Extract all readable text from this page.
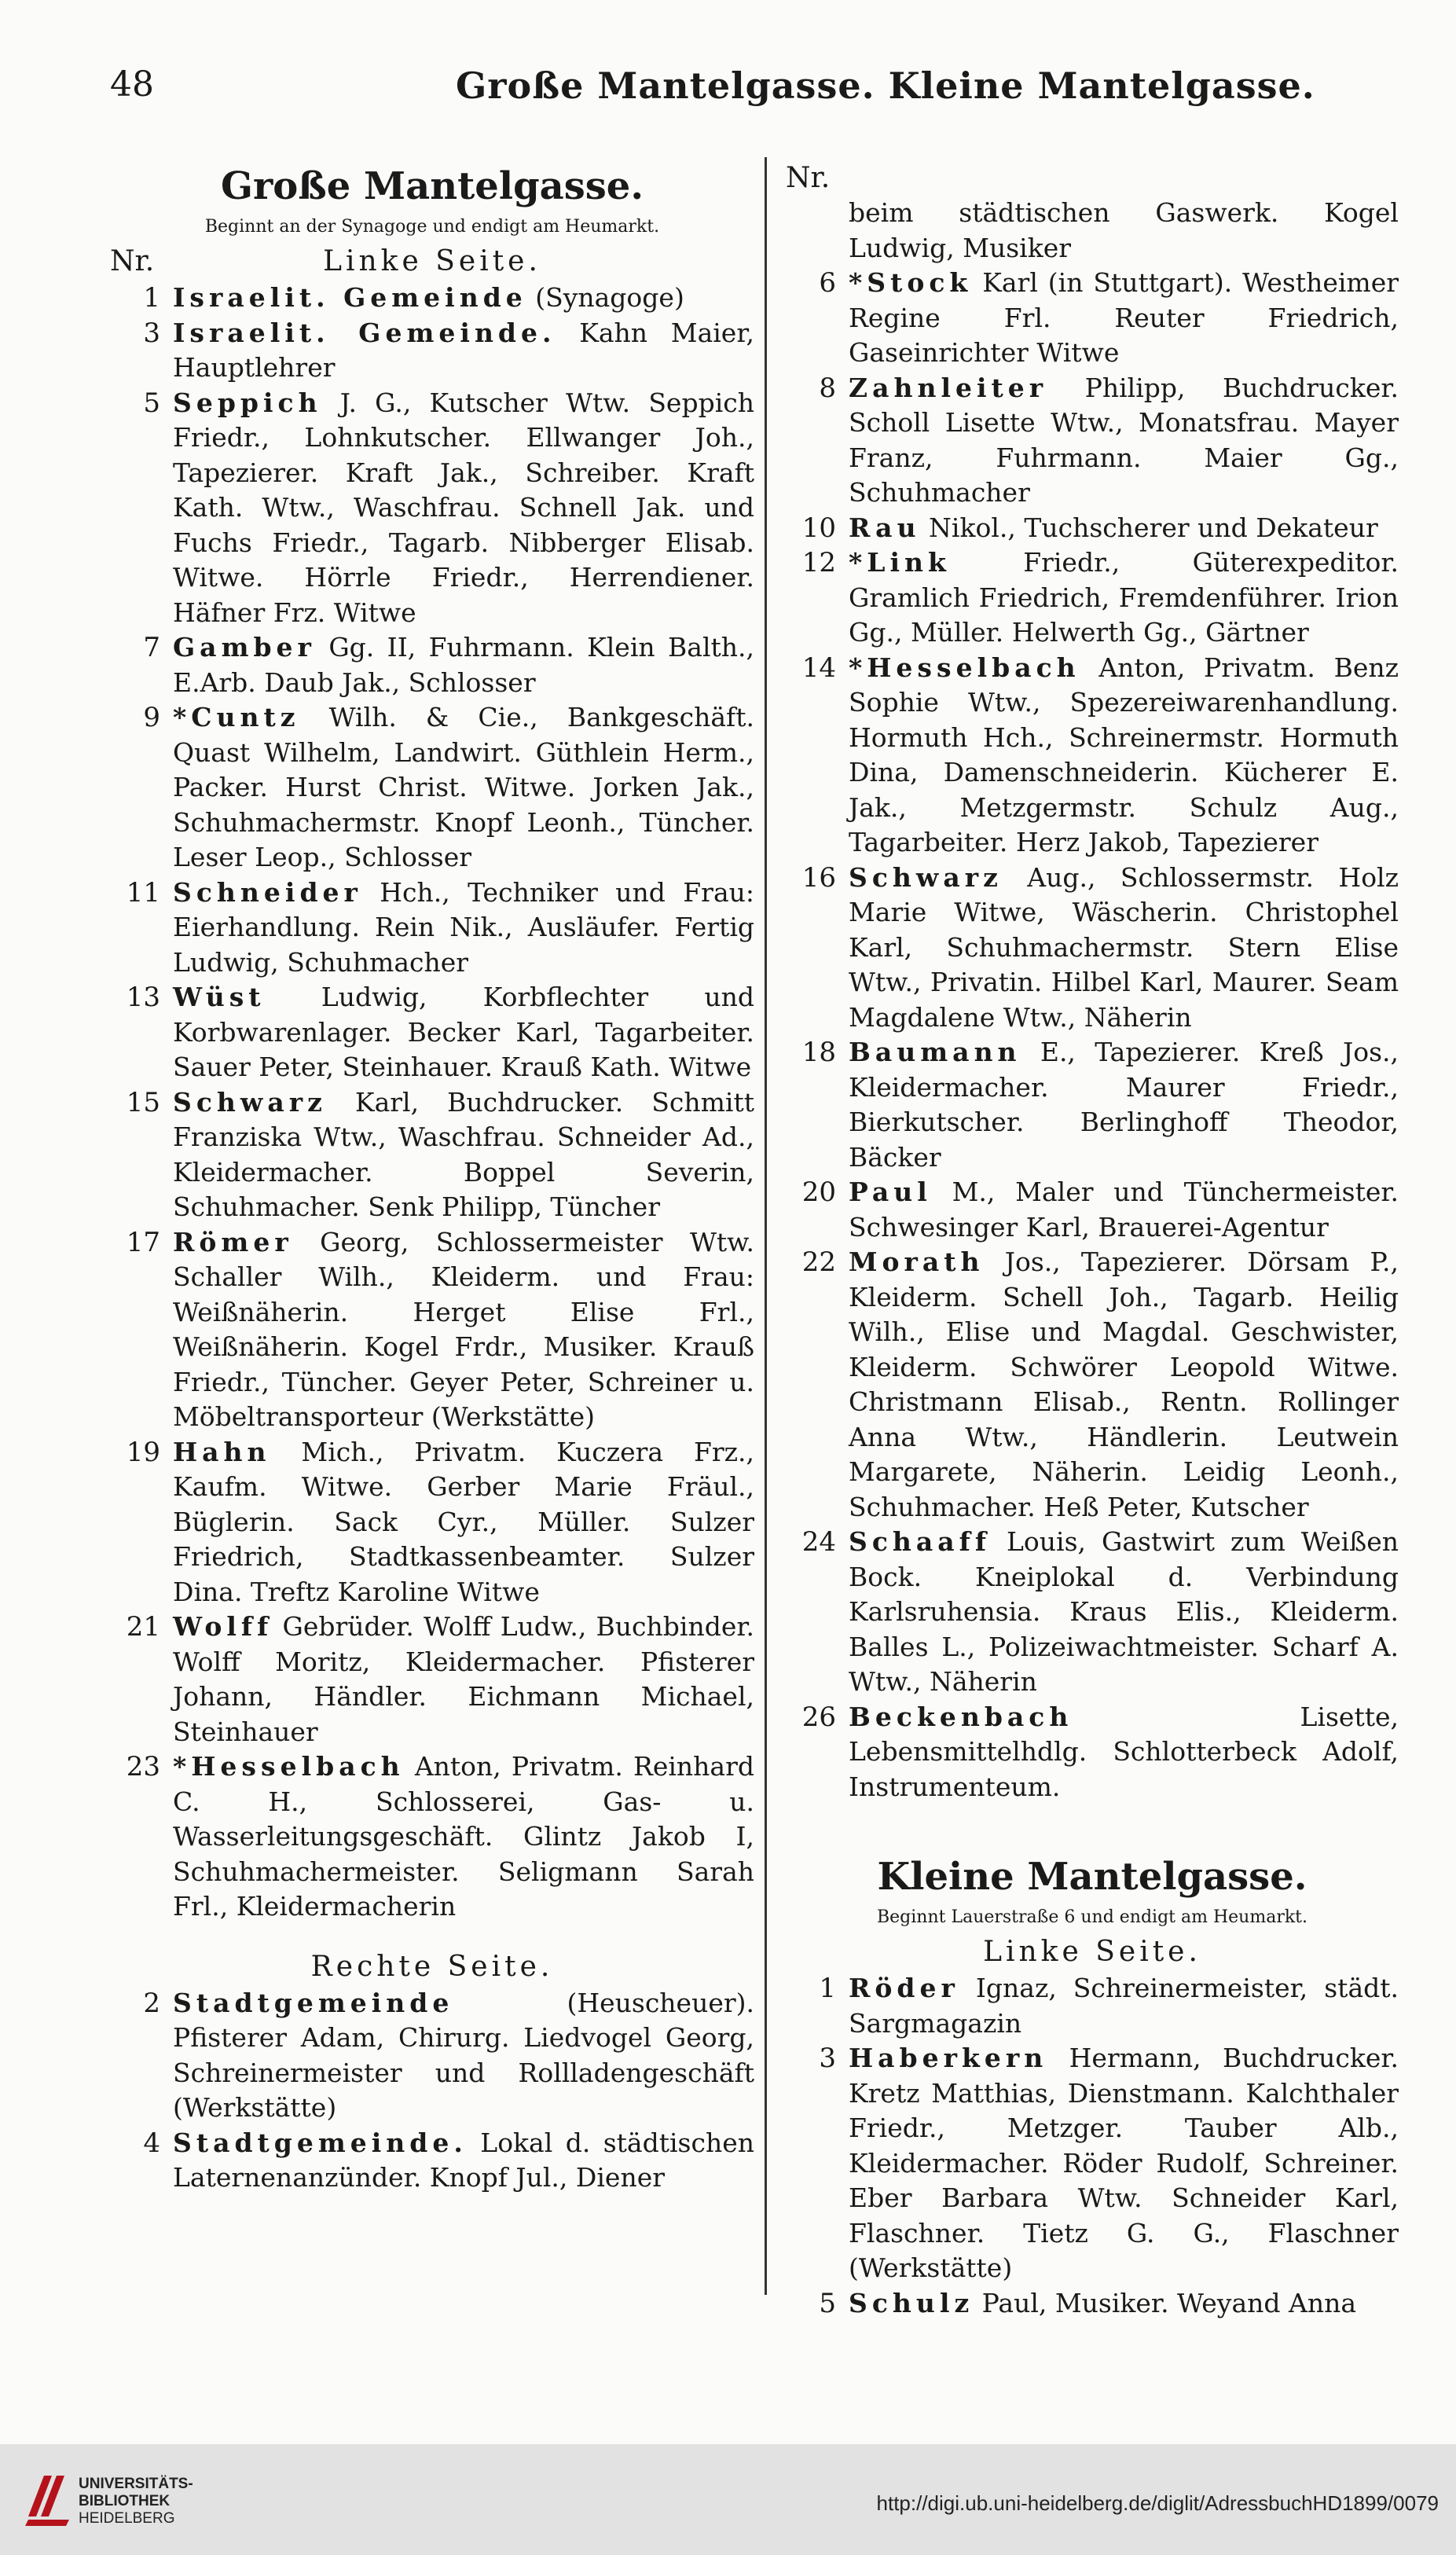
48	Große Mantelgasse. Kleine Mantelgasse.
Große Mantelgasse.
Beginnt an der Synagoge und endigt am Heumarkt.
Nr.	Linke Seite.
1 Israelit. Gemeinde (Synagoge)
3 Israelit. Gemeinde. Kahn Maier, Hauptlehrer
5 Seppich J. G., Kutscher Wtw. Seppich Friedr., Lohnkutscher. Ellwanger Joh., Tapezierer. Kraft Jak., Schreiber. Kraft Kath. Wtw., Waschfrau. Schnell Jak. und Fuchs Friedr., Tagarb. Nibberger Elisab. Witwe. Hörrle Friedr., Herrendiener. Häfner Frz. Witwe
7 Gamber Gg. II, Fuhrmann. Klein Balth., E.Arb. Daub Jak., Schlosser
9 *Cuntz Wilh. & Cie., Bankgeschäft. Quast Wilhelm, Landwirt. Güthlein Herm., Packer. Hurst Christ. Witwe. Jorken Jak., Schuhmachermstr. Knopf Leonh., Tüncher. Leser Leop., Schlosser
11 Schneider Hch., Techniker und Frau: Eierhandlung. Rein Nik., Ausläufer. Fertig Ludwig, Schuhmacher
13 Wüst Ludwig, Korbflechter und Korbwarenlager. Becker Karl, Tagarbeiter. Sauer Peter, Steinhauer. Krauß Kath. Witwe
15 Schwarz Karl, Buchdrucker. Schmitt Franziska Wtw., Waschfrau. Schneider Ad., Kleidermacher. Boppel Severin, Schuhmacher. Senk Philipp, Tüncher
17 Römer Georg, Schlossermeister Wtw. Schaller Wilh., Kleiderm. und Frau: Weißnäherin. Herget Elise Frl., Weißnäherin. Kogel Frdr., Musiker. Krauß Friedr., Tüncher. Geyer Peter, Schreiner u. Möbeltransporteur (Werkstätte)
19 Hahn Mich., Privatm. Kuczera Frz., Kaufm. Witwe. Gerber Marie Fräul., Büglerin. Sack Cyr., Müller. Sulzer Friedrich, Stadtkassenbeamter. Sulzer Dina. Treftz Karoline Witwe
21 Wolff Gebrüder. Wolff Ludw., Buchbinder. Wolff Moritz, Kleidermacher. Pfisterer Johann, Händler. Eichmann Michael, Steinhauer
23 *Hesselbach Anton, Privatm. Reinhard C. H., Schlosserei, Gas- u. Wasserleitungsgeschäft. Glintz Jakob I, Schuhmachermeister. Seligmann Sarah Frl., Kleidermacherin
Rechte Seite.
2 Stadtgemeinde (Heuscheuer). Pfisterer Adam, Chirurg. Liedvogel Georg, Schreinermeister und Rollladengeschäft (Werkstätte)
4 Stadtgemeinde. Lokal d. städtischen Laternenanzünder. Knopf Jul., Diener
Nr.
beim städtischen Gaswerk. Kogel Ludwig, Musiker
6 *Stock Karl (in Stuttgart). Westheimer Regine Frl. Reuter Friedrich, Gaseinrichter Witwe
8 Zahnleiter Philipp, Buchdrucker. Scholl Lisette Wtw., Monatsfrau. Mayer Franz, Fuhrmann. Maier Gg., Schuhmacher
10 Rau Nikol., Tuchscherer und Dekateur
12 *Link Friedr., Güterexpeditor. Gramlich Friedrich, Fremdenführer. Irion Gg., Müller. Helwerth Gg., Gärtner
14 *Hesselbach Anton, Privatm. Benz Sophie Wtw., Spezereiwarenhandlung. Hormuth Hch., Schreinermstr. Hormuth Dina, Damenschneiderin. Kücherer E. Jak., Metzgermstr. Schulz Aug., Tagarbeiter. Herz Jakob, Tapezierer
16 Schwarz Aug., Schlossermstr. Holz Marie Witwe, Wäscherin. Christophel Karl, Schuhmachermstr. Stern Elise Wtw., Privatin. Hilbel Karl, Maurer. Seam Magdalene Wtw., Näherin
18 Baumann E., Tapezierer. Kreß Jos., Kleidermacher. Maurer Friedr., Bierkutscher. Berlinghoff Theodor, Bäcker
20 Paul M., Maler und Tünchermeister. Schwesinger Karl, Brauerei-Agentur
22 Morath Jos., Tapezierer. Dörsam P., Kleiderm. Schell Joh., Tagarb. Heilig Wilh., Elise und Magdal. Geschwister, Kleiderm. Schwörer Leopold Witwe. Christmann Elisab., Rentn. Rollinger Anna Wtw., Händlerin. Leutwein Margarete, Näherin. Leidig Leonh., Schuhmacher. Heß Peter, Kutscher
24 Schaaff Louis, Gastwirt zum Weißen Bock. Kneiplokal d. Verbindung Karlsruhensia. Kraus Elis., Kleiderm. Balles L., Polizeiwachtmeister. Scharf A. Wtw., Näherin
26 Beckenbach Lisette, Lebensmittelhdlg. Schlotterbeck Adolf, Instrumenteum.
Kleine Mantelgasse.
Beginnt Lauerstraße 6 und endigt am Heumarkt.
Linke Seite.
1 Röder Ignaz, Schreinermeister, städt. Sargmagazin
3 Haberkern Hermann, Buchdrucker. Kretz Matthias, Dienstmann. Kalchthaler Friedr., Metzger. Tauber Alb., Kleidermacher. Röder Rudolf, Schreiner. Eber Barbara Wtw. Schneider Karl, Flaschner. Tietz G. G., Flaschner (Werkstätte)
5 Schulz Paul, Musiker. Weyand Anna
UNIVERSITÄTS-
BIBLIOTHEK
HEIDELBERG
http://digi.ub.uni-heidelberg.de/diglit/AdressbuchHD1899/0079
